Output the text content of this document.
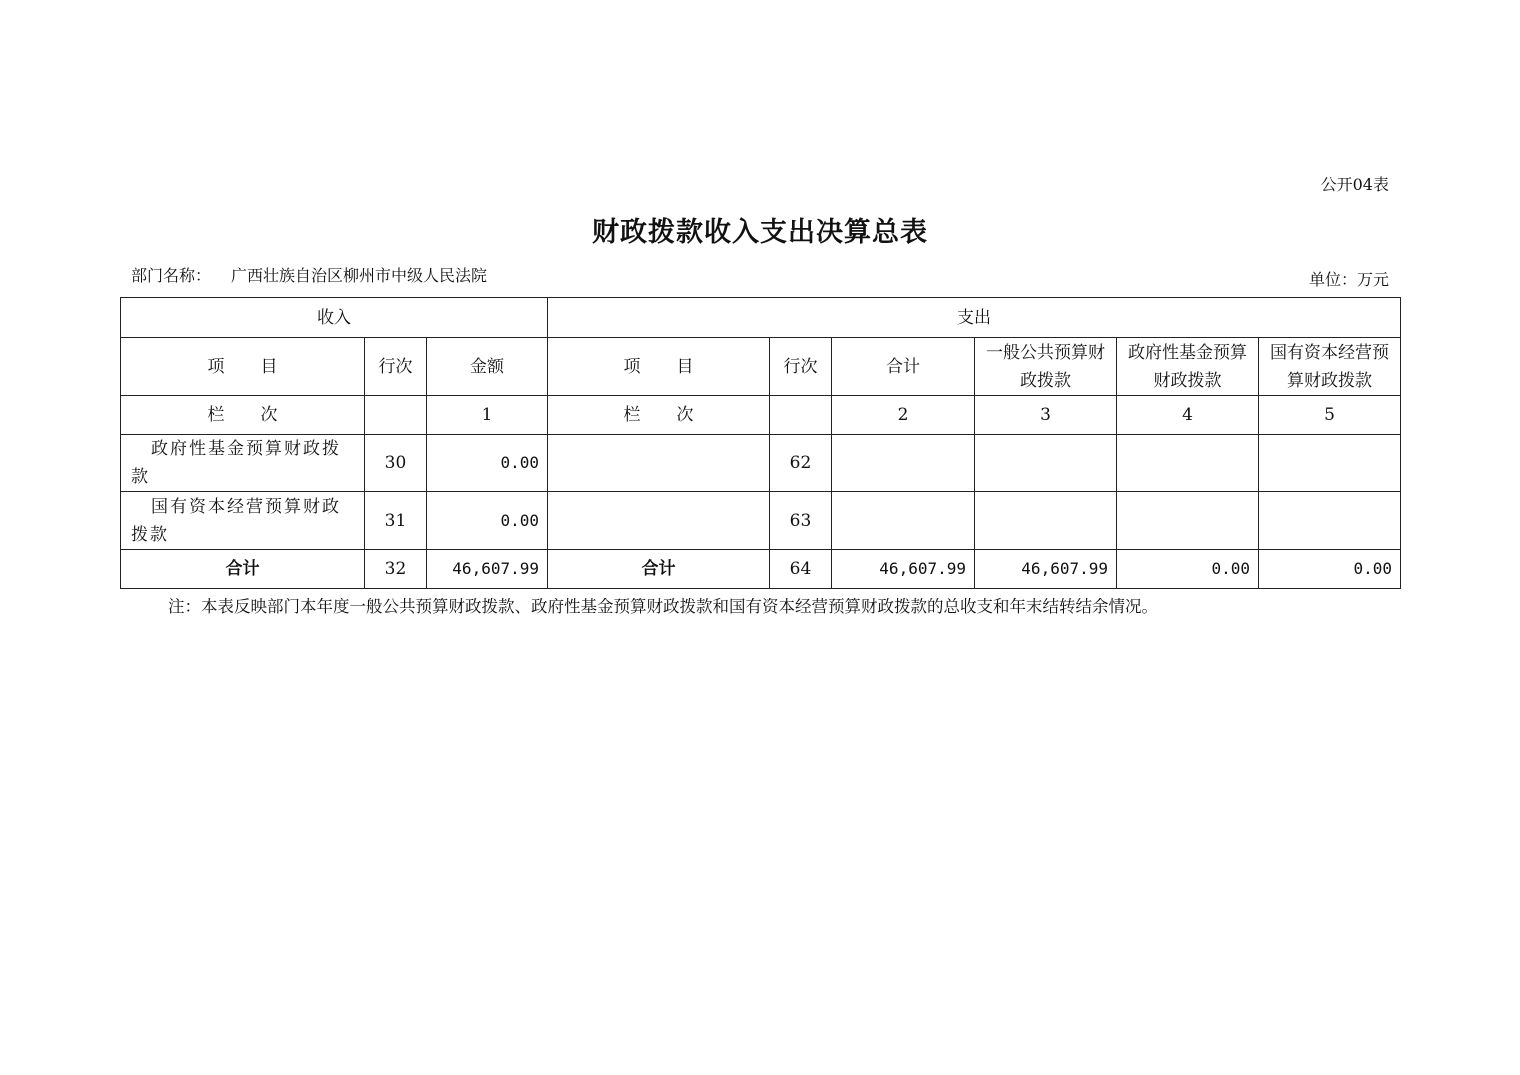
公开04表
财政拨款收入支出决算总表
部门名称： 广西壮族自治区柳州市中级人民法院	单位：万元
收入			支出					
项目	行次	金额	项目	行次	合计	一般公共预算财政拨款	政府性基金预算财政拨款	国有资本经营预算财政拨款
栏次		1	栏次		2	3	4	5
政府性基金预算财政拨款	30	0.00		62				
国有资本经营预算财政拨款	31	0.00		63				
合计	32	46,607.99	合计	64	46,607.99	46,607.99	0.00	0.00
注：本表反映部门本年度一般公共预算财政拨款、政府性基金预算财政拨款和国有资本经营预算财政拨款的总收支和年末结转结余情况。
